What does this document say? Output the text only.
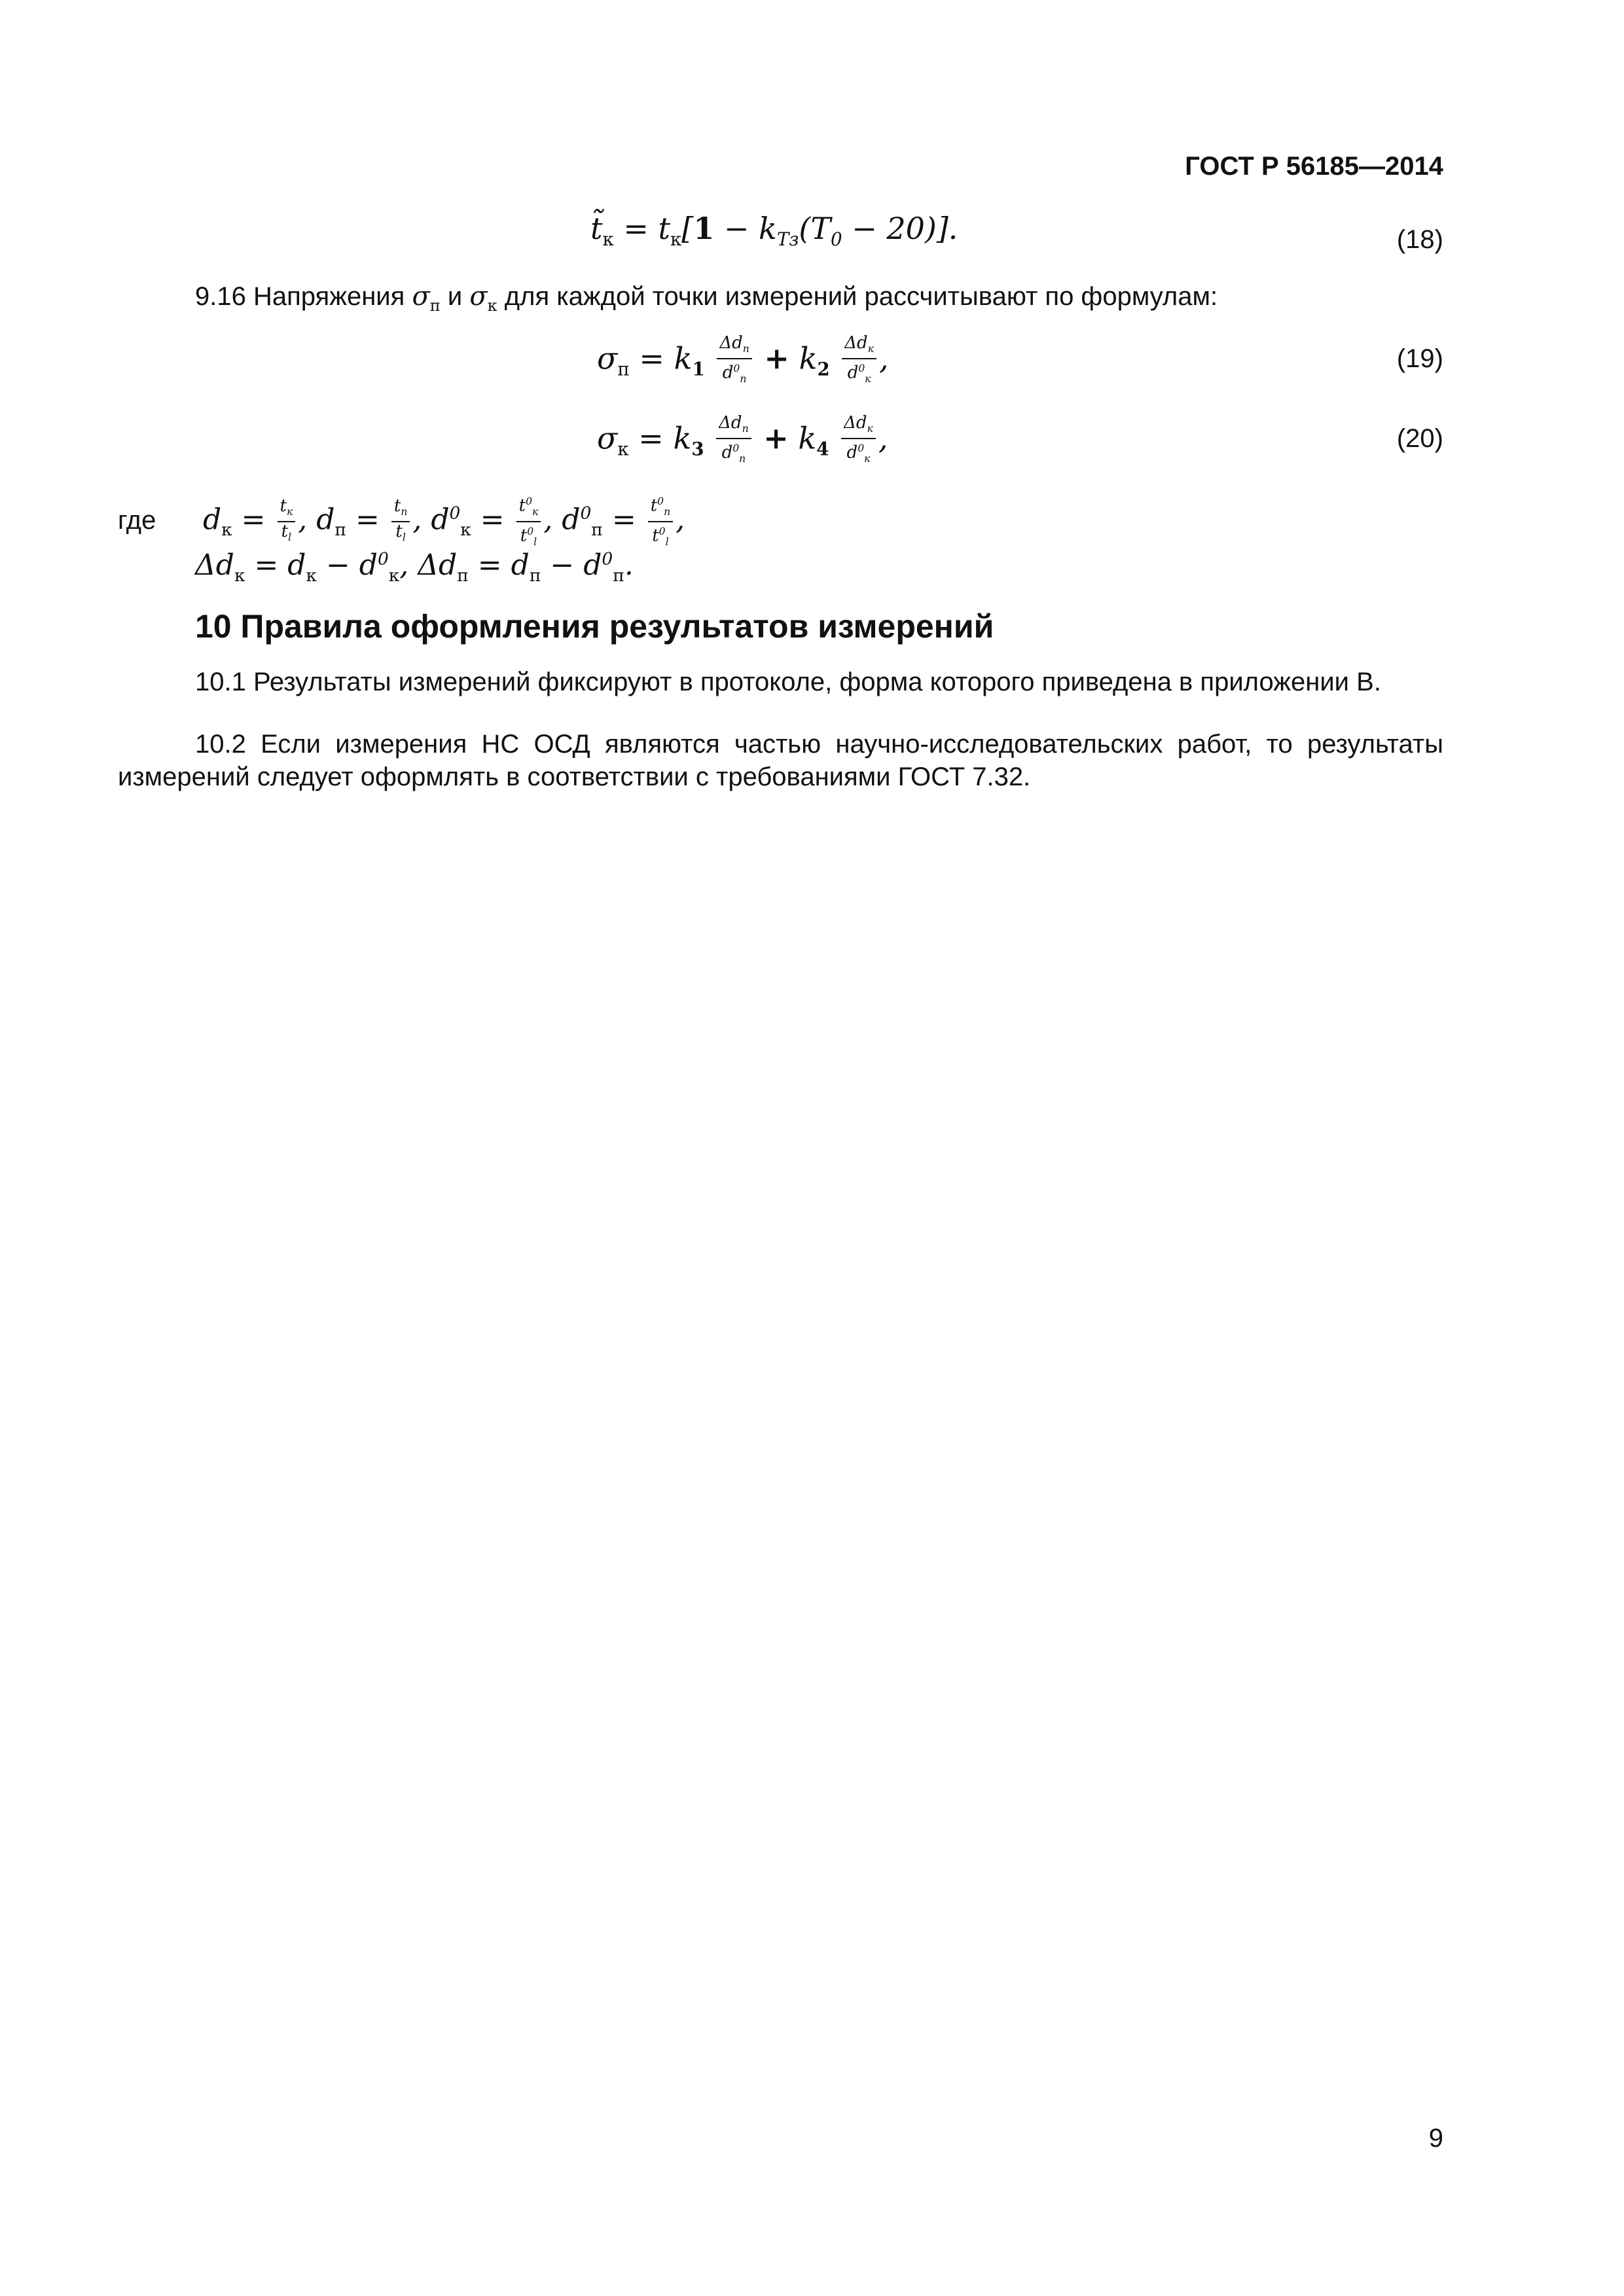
ГОСТ Р 56185—2014
$t̃_к = t_к[1 - k_{Tз}(T_0 - 20)]$.	(18)
9.16 Напряжения $\sigma_п$ и $\sigma_к$ для каждой точки измерений рассчитывают по формулам:
$\sigma_п = k_1 \frac{\Delta d_п}{d^0_п} + k_2 \frac{\Delta d_к}{d^0_к}$ ,	(19)
$\sigma_к = k_3 \frac{\Delta d_п}{d^0_п} + k_4 \frac{\Delta d_к}{d^0_к}$ ,	(20)
где $d_к = \frac{t_к}{t_l}$ , $d_п = \frac{t_п}{t_l}$ , $d^0_к = \frac{t^0_к}{t^0_l}$ , $d^0_п = \frac{t^0_п}{t^0_l}$ ,
$\Delta d_к = d_к - d^0_к$, $\Delta d_п = d_п - d^0_п$.
10 Правила оформления результатов измерений
10.1 Результаты измерений фиксируют в протоколе, форма которого приведена в приложении В.
10.2 Если измерения НС ОСД являются частью научно-исследовательских работ, то результаты измерений следует оформлять в соответствии с требованиями ГОСТ 7.32.
9
